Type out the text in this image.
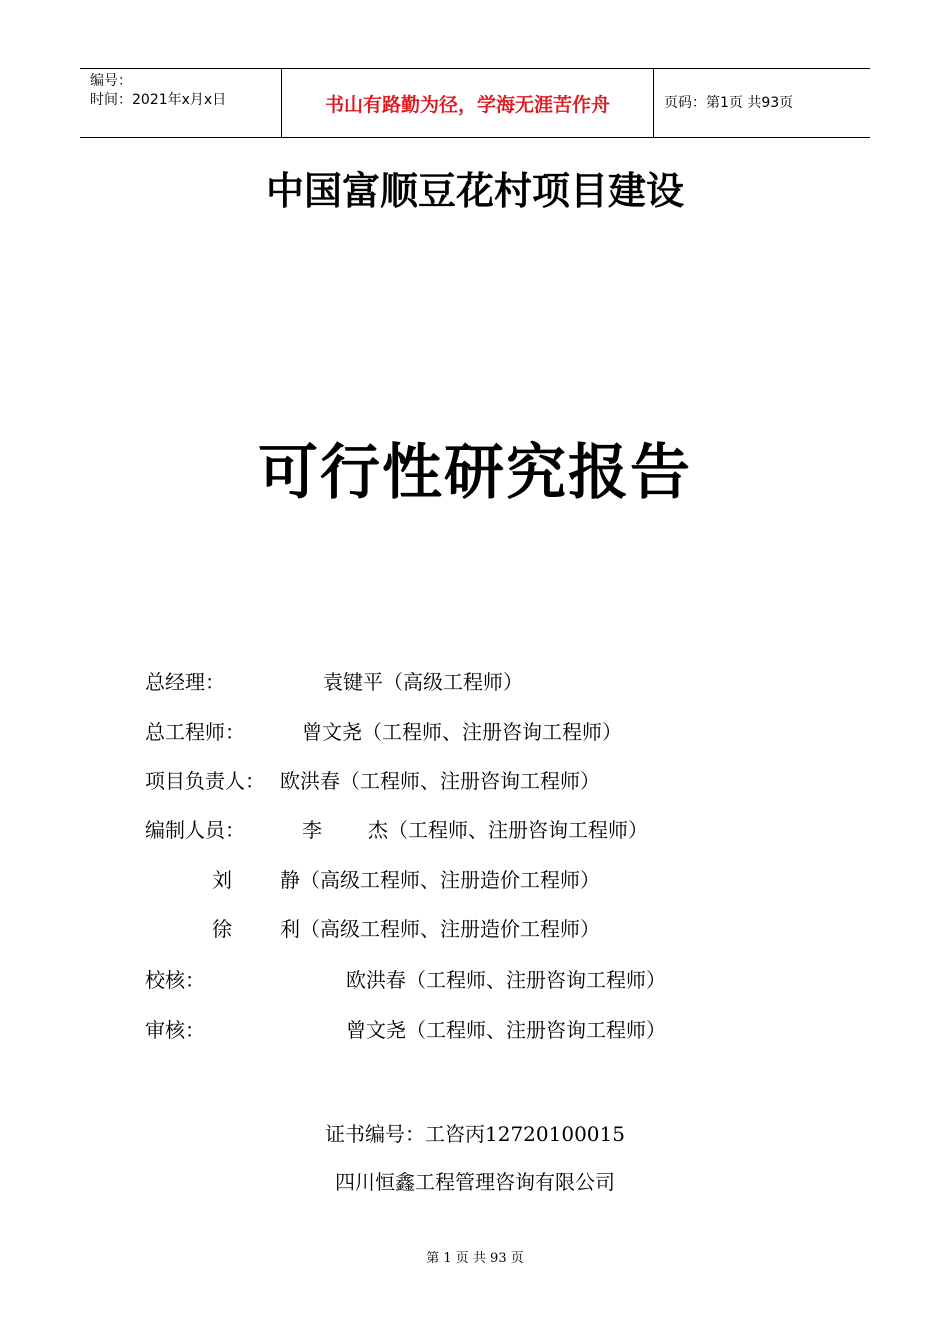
编号：
时间：2021年x月x日	书山有路勤为径，学海无涯苦作舟	页码：第1页 共93页
中国富顺豆花村项目建设
可行性研究报告
总经理：	袁键平（高级工程师）
总工程师：	曾文尧（工程师、注册咨询工程师）
项目负责人： 欧洪春（工程师、注册咨询工程师）
编制人员：	李 杰（工程师、注册咨询工程师）
刘 静（高级工程师、注册造价工程师）
徐 利（高级工程师、注册造价工程师）
校核：	欧洪春（工程师、注册咨询工程师）
审核：	曾文尧（工程师、注册咨询工程师）
证书编号：工咨丙12720100015
四川恒鑫工程管理咨询有限公司
第 1 页 共 93 页
